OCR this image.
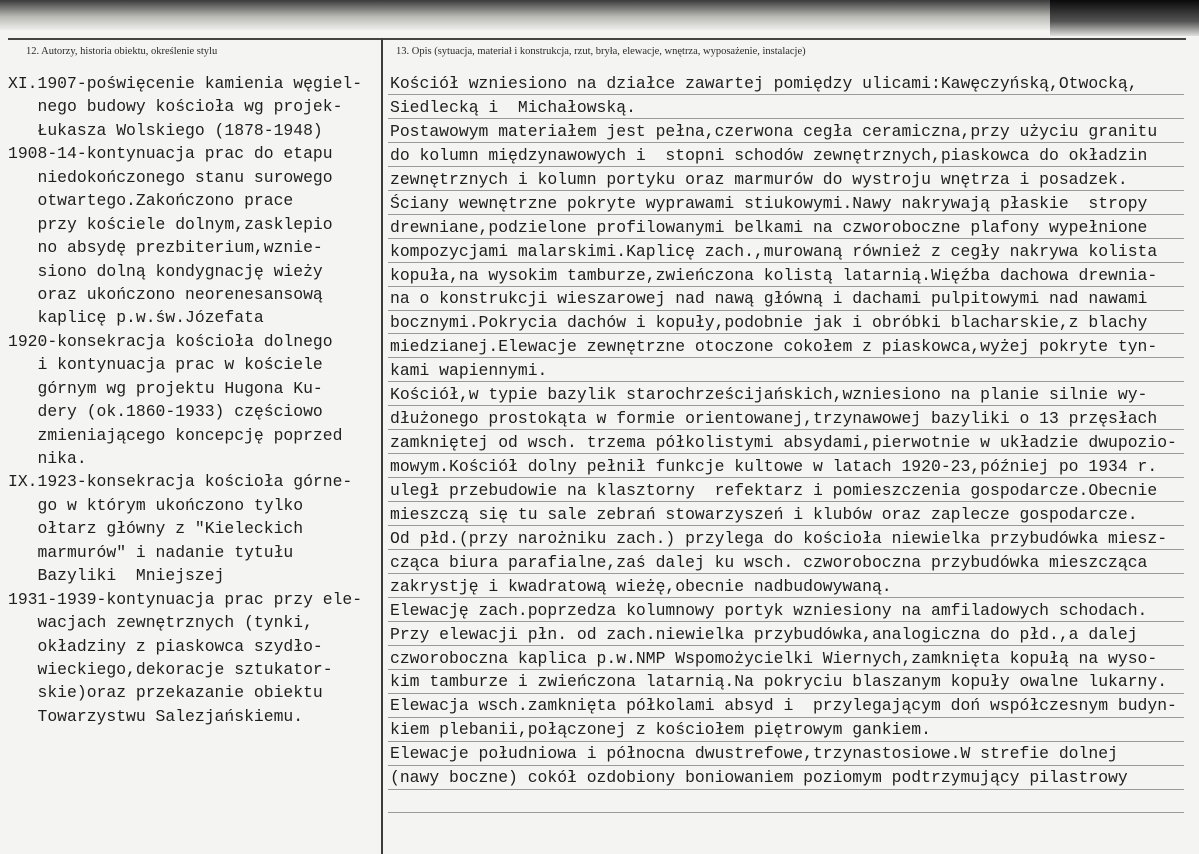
12. Autorzy, historia obiektu, określenie stylu	13. Opis (sytuacja, materiał i konstrukcja, rzut, bryła, elewacje, wnętrza, wyposażenie, instalacje)
XI.1907-poświęcenie kamienia węgiel-
nego budowy kościoła wg projek-
Łukasza Wolskiego (1878-1948)
1908-14-kontynuacja prac do etapu
niedokończonego stanu surowego
otwartego.Zakończono prace
przy kościele dolnym,zasklepio
no absydę prezbiterium,wznie-
siono dolną kondygnację wieży
oraz ukończono neorenesansową
kaplicę p.w.św.Józefata
1920-konsekracja kościoła dolnego
i kontynuacja prac w kościele
górnym wg projektu Hugona Ku-
dery (ok.1860-1933) częściowo
zmieniającego koncepcję poprzed
nika.
IX.1923-konsekracja kościoła górne-
go w którym ukończono tylko
ołtarz główny z "Kieleckich
marmurów" i nadanie tytułu
Bazyliki  Mniejszej
1931-1939-kontynuacja prac przy ele-
wacjach zewnętrznych (tynki,
okładziny z piaskowca szydło-
wieckiego,dekoracje sztukator-
skie)oraz przekazanie obiektu
Towarzystwu Salezjańskiemu.
Kościół wzniesiono na działce zawartej pomiędzy ulicami:Kawęczyńską,Otwocką,
Siedlecką i  Michałowską.
Postawowym materiałem jest pełna,czerwona cegła ceramiczna,przy użyciu granitu
do kolumn międzynawowych i  stopni schodów zewnętrznych,piaskowca do okładzin
zewnętrznych i kolumn portyku oraz marmurów do wystroju wnętrza i posadzek.
Ściany wewnętrzne pokryte wyprawami stiukowymi.Nawy nakrywają płaskie  stropy
drewniane,podzielone profilowanymi belkami na czworoboczne plafony wypełnione
kompozycjami malarskimi.Kaplicę zach.,murowaną również z cegły nakrywa kolista
kopuła,na wysokim tamburze,zwieńczona kolistą latarnią.Więźba dachowa drewnia-
na o konstrukcji wieszarowej nad nawą główną i dachami pulpitowymi nad nawami
bocznymi.Pokrycia dachów i kopuły,podobnie jak i obróbki blacharskie,z blachy
miedzianej.Elewacje zewnętrzne otoczone cokołem z piaskowca,wyżej pokryte tyn-
kami wapiennymi.
Kościół,w typie bazylik starochrześcijańskich,wzniesiono na planie silnie wy-
dłużonego prostokąta w formie orientowanej,trzynawowej bazyliki o 13 przęsłach
zamkniętej od wsch. trzema półkolistymi absydami,pierwotnie w układzie dwupozio-
mowym.Kościół dolny pełnił funkcje kultowe w latach 1920-23,później po 1934 r.
uległ przebudowie na klasztorny  refektarz i pomieszczenia gospodarcze.Obecnie
mieszczą się tu sale zebrań stowarzyszeń i klubów oraz zaplecze gospodarcze.
Od płd.(przy narożniku zach.) przylega do kościoła niewielka przybudówka miesz-
cząca biura parafialne,zaś dalej ku wsch. czworoboczna przybudówka mieszcząca
zakrystję i kwadratową wieżę,obecnie nadbudowywaną.
Elewację zach.poprzedza kolumnowy portyk wzniesiony na amfiladowych schodach.
Przy elewacji płn. od zach.niewielka przybudówka,analogiczna do płd.,a dalej
czworoboczna kaplica p.w.NMP Wspomożycielki Wiernych,zamknięta kopułą na wyso-
kim tamburze i zwieńczona latarnią.Na pokryciu blaszanym kopuły owalne lukarny.
Elewacja wsch.zamknięta półkolami absyd i  przylegającym doń współczesnym budyn-
kiem plebanii,połączonej z kościołem piętrowym gankiem.
Elewacje południowa i północna dwustrefowe,trzynastosiowe.W strefie dolnej
(nawy boczne) cokół ozdobiony boniowaniem poziomym podtrzymujący pilastrowy
